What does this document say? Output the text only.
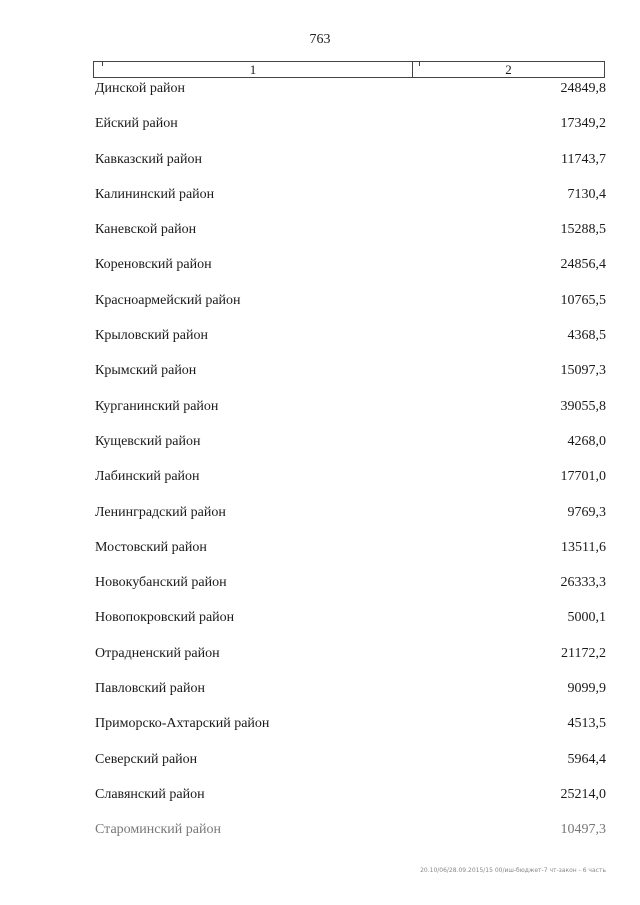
763
1	2
Динской район	24849,8
Ейский район	17349,2
Кавказский район	11743,7
Калининский район	7130,4
Каневской район	15288,5
Кореновский район	24856,4
Красноармейский район	10765,5
Крыловский район	4368,5
Крымский район	15097,3
Курганинский район	39055,8
Кущевский район	4268,0
Лабинский район	17701,0
Ленинградский район	9769,3
Мостовский район	13511,6
Новокубанский район	26333,3
Новопокровский район	5000,1
Отрадненский район	21172,2
Павловский район	9099,9
Приморско-Ахтарский район	4513,5
Северский район	5964,4
Славянский район	25214,0
Староминский район	10497,3
20.10/06/28.09.2015/15 00/иш-бюджет-7 чт-закон - 6 часть
